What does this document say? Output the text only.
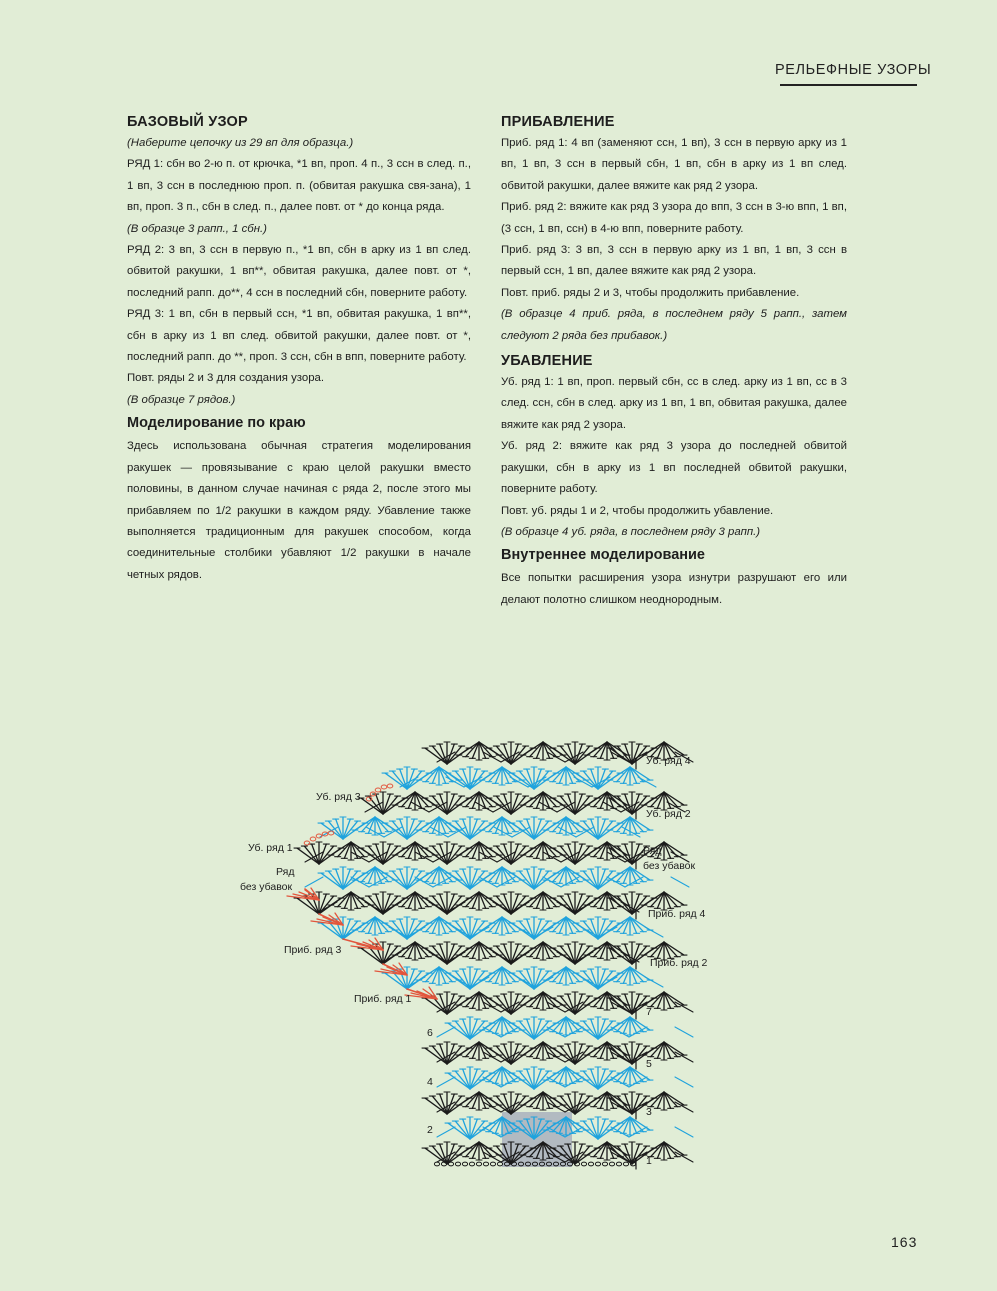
РЕЛЬЕФНЫЕ УЗОРЫ
БАЗОВЫЙ УЗОР

(Наберите цепочку из 29 вп для образца.)

РЯД 1: сбн во 2-ю п. от крючка, *1 вп, проп. 4 п., 3 ссн в след. п., 1 вп, 3 ссн в последнюю проп. п. (обвитая ракушка свя-зана), 1 вп, проп. 3 п., сбн в след. п., далее повт. от * до конца ряда.

(В образце 3 рапп., 1 сбн.)

РЯД 2: 3 вп, 3 ссн в первую п., *1 вп, сбн в арку из 1 вп след. обвитой ракушки, 1 вп**, обвитая ракушка, далее повт. от *, последний рапп. до**, 4 ссн в последний сбн, поверните работу.

РЯД 3: 1 вп, сбн в первый ссн, *1 вп, обвитая ракушка, 1 вп**, сбн в арку из 1 вп след. обвитой ракушки, далее повт. от *, последний рапп. до **, проп. 3 ссн, сбн в впп, поверните работу.

Повт. ряды 2 и 3 для создания узора.

(В образце 7 рядов.)

Моделирование по краю

Здесь использована обычная стратегия моделирования ракушек — провязывание с краю целой ракушки вместо половины, в данном случае начиная с ряда 2, после этого мы прибавляем по 1/2 ракушки в каждом ряду. Убавление также выполняется традиционным для ракушек способом, когда соединительные столбики убавляют 1/2 ракушки в начале четных рядов.

ПРИБАВЛЕНИЕ

Приб. ряд 1: 4 вп (заменяют ссн, 1 вп), 3 ссн в первую арку из 1 вп, 1 вп, 3 ссн в первый сбн, 1 вп, сбн в арку из 1 вп след. обвитой ракушки, далее вяжите как ряд 2 узора.

Приб. ряд 2: вяжите как ряд 3 узора до впп, 3 ссн в 3-ю впп, 1 вп, (3 ссн, 1 вп, ссн) в 4-ю впп, поверните работу.

Приб. ряд 3: 3 вп, 3 ссн в первую арку из 1 вп, 1 вп, 3 ссн в первый ссн, 1 вп, далее вяжите как ряд 2 узора.

Повт. приб. ряды 2 и 3, чтобы продолжить прибавление.

(В образце 4 приб. ряда, в последнем ряду 5 рапп., затем следуют 2 ряда без прибавок.)

УБАВЛЕНИЕ

Уб. ряд 1: 1 вп, проп. первый сбн, сс в след. арку из 1 вп, сс в 3 след. ссн, сбн в след. арку из 1 вп, 1 вп, обвитая ракушка, далее вяжите как ряд 2 узора.

Уб. ряд 2: вяжите как ряд 3 узора до последней обвитой ракушки, сбн в арку из 1 вп последней обвитой ракушки, поверните работу.

Повт. уб. ряды 1 и 2, чтобы продолжить убавление.

(В образце 4 уб. ряда, в последнем ряду 3 рапп.)

Внутреннее моделирование

Все попытки расширения узора изнутри разрушают его или делают полотно слишком неоднородным.

Уб. ряд 4
Уб. ряд 3
Уб. ряд 2
Уб. ряд 1	Ряд
без убавок
Ряд
без убавок
Приб. ряд 4
Приб. ряд 3
Приб. ряд 2
Приб. ряд 1
7
6
5
4
3
2
1
163
